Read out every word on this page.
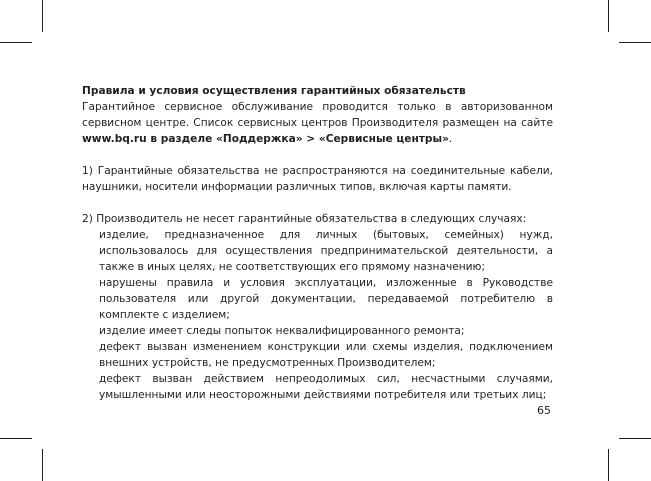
Правила и условия осуществления гарантийных обязательств
Гарантийное сервисное обслуживание проводится только в авторизованном сервисном центре. Список сервисных центров Производителя размещен на сайте www.bq.ru в разделе «Поддержка» > «Сервисные центры».
1) Гарантийные обязательства не распространяются на соединительные кабели, наушники, носители информации различных типов, включая карты памяти.
2) Производитель не несет гарантийные обязательства в следующих случаях:
изделие, предназначенное для личных (бытовых, семейных) нужд, использовалось для осуществления предпринимательской деятельности, а также в иных целях, не соответствующих его прямому назначению;
нарушены правила и условия эксплуатации, изложенные в Руководстве пользователя или другой документации, передаваемой потребителю в комплекте с изделием;
изделие имеет следы попыток неквалифицированного ремонта;
дефект вызван изменением конструкции или схемы изделия, подключением внешних устройств, не предусмотренных Производителем;
дефект вызван действием непреодолимых сил, несчастными случаями, умышленными или неосторожными действиями потребителя или третьих лиц;
65
